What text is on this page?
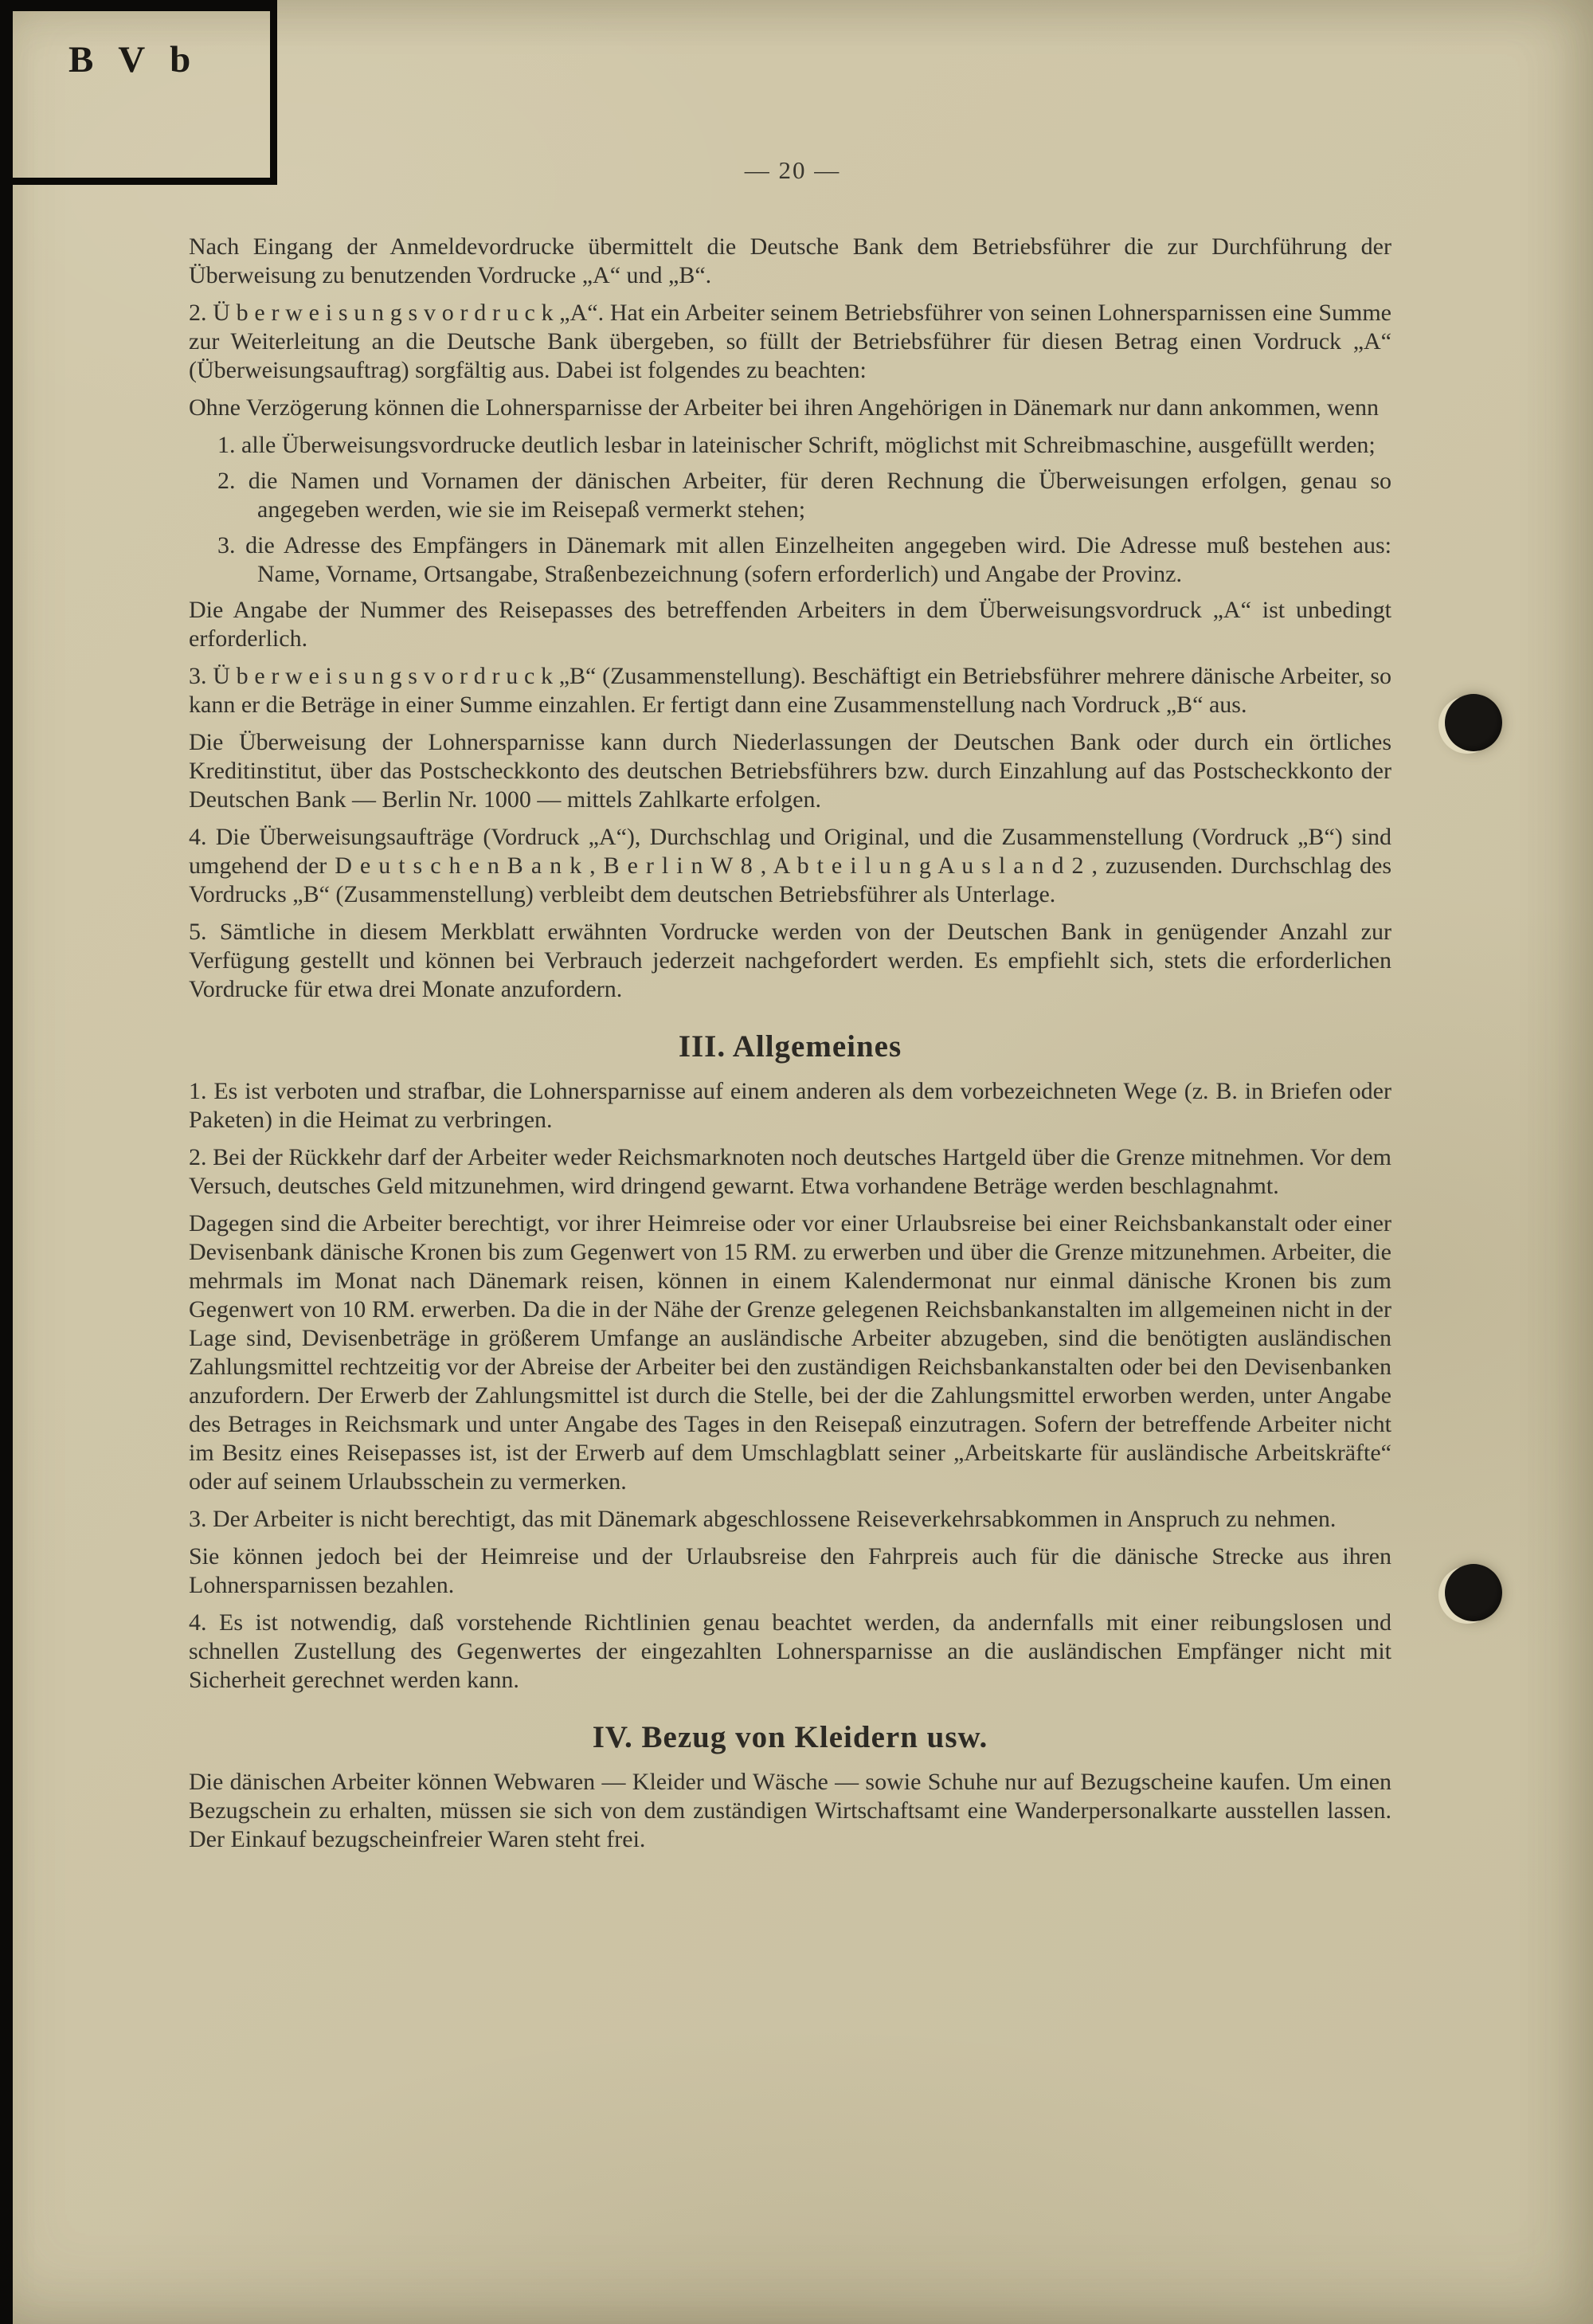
B V b
— 20 —

Nach Eingang der Anmeldevordrucke übermittelt die Deutsche Bank dem Betriebsführer die zur Durchführung der Überweisung zu benutzenden Vordrucke „A“ und „B“.

2. Ü b e r w e i s u n g s v o r d r u c k „A“. Hat ein Arbeiter seinem Betriebsführer von seinen Lohnersparnissen eine Summe zur Weiterleitung an die Deutsche Bank übergeben, so füllt der Betriebsführer für diesen Betrag einen Vordruck „A“ (Überweisungsauftrag) sorgfältig aus. Dabei ist folgendes zu beachten:

Ohne Verzögerung können die Lohnersparnisse der Arbeiter bei ihren Angehörigen in Dänemark nur dann ankommen, wenn

1. alle Überweisungsvordrucke deutlich lesbar in lateinischer Schrift, möglichst mit Schreibmaschine, ausgefüllt werden;

2. die Namen und Vornamen der dänischen Arbeiter, für deren Rechnung die Überweisungen erfolgen, genau so angegeben werden, wie sie im Reisepaß vermerkt stehen;

3. die Adresse des Empfängers in Dänemark mit allen Einzelheiten angegeben wird. Die Adresse muß bestehen aus: Name, Vorname, Ortsangabe, Straßenbezeichnung (sofern erforderlich) und Angabe der Provinz.

Die Angabe der Nummer des Reisepasses des betreffenden Arbeiters in dem Überweisungsvordruck „A“ ist unbedingt erforderlich.

3. Ü b e r w e i s u n g s v o r d r u c k „B“ (Zusammenstellung). Beschäftigt ein Betriebsführer mehrere dänische Arbeiter, so kann er die Beträge in einer Summe einzahlen. Er fertigt dann eine Zusammenstellung nach Vordruck „B“ aus.

Die Überweisung der Lohnersparnisse kann durch Niederlassungen der Deutschen Bank oder durch ein örtliches Kreditinstitut, über das Postscheckkonto des deutschen Betriebsführers bzw. durch Einzahlung auf das Postscheckkonto der Deutschen Bank — Berlin Nr. 1000 — mittels Zahlkarte erfolgen.

4. Die Überweisungsaufträge (Vordruck „A“), Durchschlag und Original, und die Zusammenstellung (Vordruck „B“) sind umgehend der D e u t s c h e n B a n k , B e r l i n W 8 , A b t e i l u n g A u s l a n d 2 , zuzusenden. Durchschlag des Vordrucks „B“ (Zusammenstellung) verbleibt dem deutschen Betriebsführer als Unterlage.

5. Sämtliche in diesem Merkblatt erwähnten Vordrucke werden von der Deutschen Bank in genügender Anzahl zur Verfügung gestellt und können bei Verbrauch jederzeit nachgefordert werden. Es empfiehlt sich, stets die erforderlichen Vordrucke für etwa drei Monate anzufordern.

III. Allgemeines

1. Es ist verboten und strafbar, die Lohnersparnisse auf einem anderen als dem vorbezeichneten Wege (z. B. in Briefen oder Paketen) in die Heimat zu verbringen.

2. Bei der Rückkehr darf der Arbeiter weder Reichsmarknoten noch deutsches Hartgeld über die Grenze mitnehmen. Vor dem Versuch, deutsches Geld mitzunehmen, wird dringend gewarnt. Etwa vorhandene Beträge werden beschlagnahmt.

Dagegen sind die Arbeiter berechtigt, vor ihrer Heimreise oder vor einer Urlaubsreise bei einer Reichsbankanstalt oder einer Devisenbank dänische Kronen bis zum Gegenwert von 15 RM. zu erwerben und über die Grenze mitzunehmen. Arbeiter, die mehrmals im Monat nach Dänemark reisen, können in einem Kalendermonat nur einmal dänische Kronen bis zum Gegenwert von 10 RM. erwerben. Da die in der Nähe der Grenze gelegenen Reichsbankanstalten im allgemeinen nicht in der Lage sind, Devisenbeträge in größerem Umfange an ausländische Arbeiter abzugeben, sind die benötigten ausländischen Zahlungsmittel rechtzeitig vor der Abreise der Arbeiter bei den zuständigen Reichsbankanstalten oder bei den Devisenbanken anzufordern. Der Erwerb der Zahlungsmittel ist durch die Stelle, bei der die Zahlungsmittel erworben werden, unter Angabe des Betrages in Reichsmark und unter Angabe des Tages in den Reisepaß einzutragen. Sofern der betreffende Arbeiter nicht im Besitz eines Reisepasses ist, ist der Erwerb auf dem Umschlagblatt seiner „Arbeitskarte für ausländische Arbeitskräfte“ oder auf seinem Urlaubsschein zu vermerken.

3. Der Arbeiter is nicht berechtigt, das mit Dänemark abgeschlossene Reiseverkehrsabkommen in Anspruch zu nehmen.

Sie können jedoch bei der Heimreise und der Urlaubsreise den Fahrpreis auch für die dänische Strecke aus ihren Lohnersparnissen bezahlen.

4. Es ist notwendig, daß vorstehende Richtlinien genau beachtet werden, da andernfalls mit einer reibungslosen und schnellen Zustellung des Gegenwertes der eingezahlten Lohnersparnisse an die ausländischen Empfänger nicht mit Sicherheit gerechnet werden kann.

IV. Bezug von Kleidern usw.

Die dänischen Arbeiter können Webwaren — Kleider und Wäsche — sowie Schuhe nur auf Bezugscheine kaufen. Um einen Bezugschein zu erhalten, müssen sie sich von dem zuständigen Wirtschaftsamt eine Wanderpersonalkarte ausstellen lassen. Der Einkauf bezugscheinfreier Waren steht frei.
